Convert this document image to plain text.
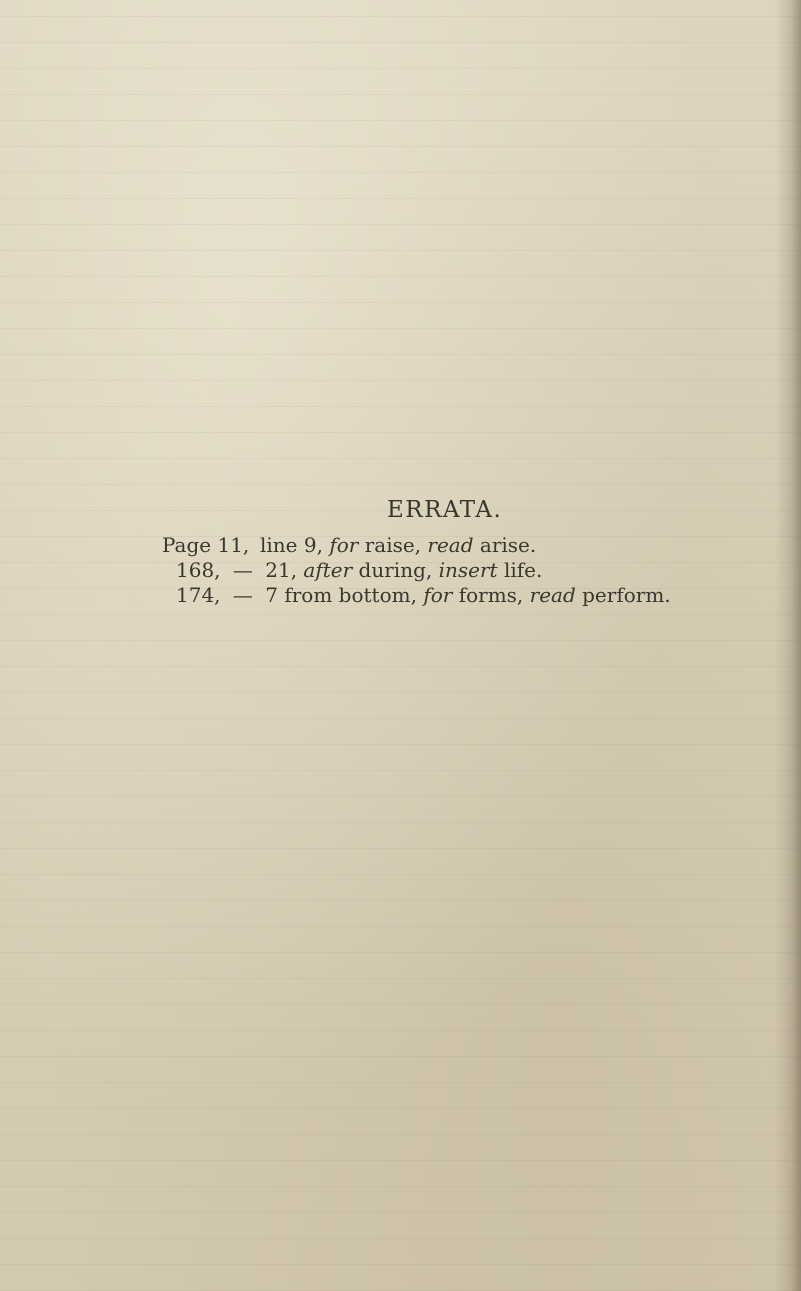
ERRATA.
Page 11, line 9, for raise, read arise.
168, — 21, after during, insert life.
174, — 7 from bottom, for forms, read perform.
